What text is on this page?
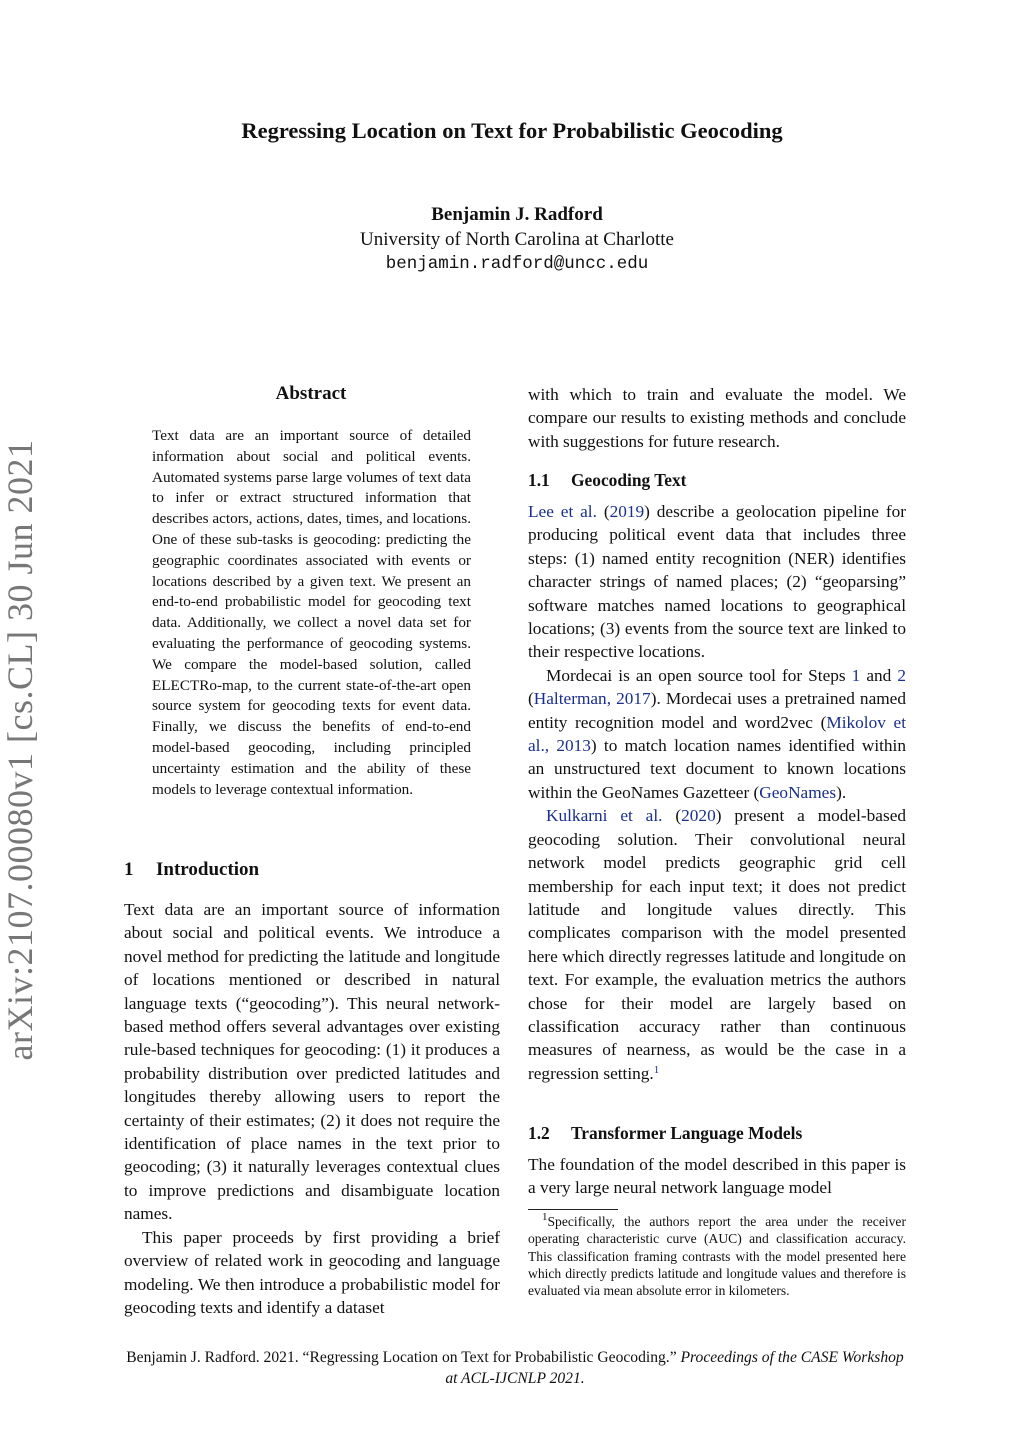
Regressing Location on Text for Probabilistic Geocoding
Benjamin J. Radford
University of North Carolina at Charlotte
benjamin.radford@uncc.edu
arXiv:2107.00080v1 [cs.CL] 30 Jun 2021
Abstract

Text data are an important source of detailed information about social and political events. Automated systems parse large volumes of text data to infer or extract structured information that describes actors, actions, dates, times, and locations. One of these sub-tasks is geocoding: predicting the geographic coordinates associated with events or locations described by a given text. We present an end-to-end probabilistic model for geocoding text data. Additionally, we collect a novel data set for evaluating the performance of geocoding systems. We compare the model-based solution, called ELECTRo-map, to the current state-of-the-art open source system for geocoding texts for event data. Finally, we discuss the benefits of end-to-end model-based geocoding, including principled uncertainty estimation and the ability of these models to leverage contextual information.

1 Introduction

Text data are an important source of information about social and political events. We introduce a novel method for predicting the latitude and longitude of locations mentioned or described in natural language texts (“geocoding”). This neural network-based method offers several advantages over existing rule-based techniques for geocoding: (1) it produces a probability distribution over predicted latitudes and longitudes thereby allowing users to report the certainty of their estimates; (2) it does not require the identification of place names in the text prior to geocoding; (3) it naturally leverages contextual clues to improve predictions and disambiguate location names.

This paper proceeds by first providing a brief overview of related work in geocoding and language modeling. We then introduce a probabilistic model for geocoding texts and identify a dataset

with which to train and evaluate the model. We compare our results to existing methods and conclude with suggestions for future research.

1.1 Geocoding Text

Lee et al. (2019) describe a geolocation pipeline for producing political event data that includes three steps: (1) named entity recognition (NER) identifies character strings of named places; (2) “geoparsing” software matches named locations to geographical locations; (3) events from the source text are linked to their respective locations.

Mordecai is an open source tool for Steps 1 and 2 (Halterman, 2017). Mordecai uses a pretrained named entity recognition model and word2vec (Mikolov et al., 2013) to match location names identified within an unstructured text document to known locations within the GeoNames Gazetteer (GeoNames).

Kulkarni et al. (2020) present a model-based geocoding solution. Their convolutional neural network model predicts geographic grid cell membership for each input text; it does not predict latitude and longitude values directly. This complicates comparison with the model presented here which directly regresses latitude and longitude on text. For example, the evaluation metrics the authors chose for their model are largely based on classification accuracy rather than continuous measures of nearness, as would be the case in a regression setting.$^1$

1.2 Transformer Language Models

The foundation of the model described in this paper is a very large neural network language model

$^1$Specifically, the authors report the area under the receiver operating characteristic curve (AUC) and classification accuracy. This classification framing contrasts with the model presented here which directly predicts latitude and longitude values and therefore is evaluated via mean absolute error in kilometers.

Benjamin J. Radford. 2021. “Regressing Location on Text for Probabilistic Geocoding.” Proceedings of the CASE Workshop at ACL-IJCNLP 2021.
